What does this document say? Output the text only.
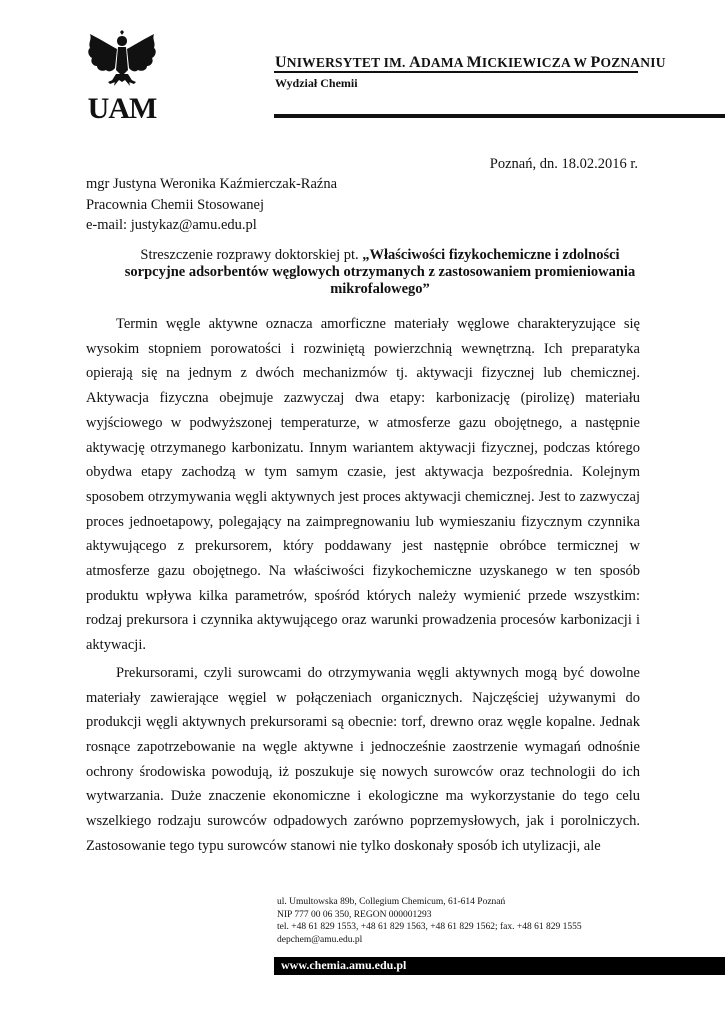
UAM
UNIWERSYTET IM. ADAMA MICKIEWICZA W POZNANIU
Wydział Chemii
Poznań, dn. 18.02.2016 r.
mgr Justyna Weronika Kaźmierczak-Raźna
Pracownia Chemii Stosowanej
e-mail: justykaz@amu.edu.pl
Streszczenie rozprawy doktorskiej pt. „Właściwości fizykochemiczne i zdolności sorpcyjne adsorbentów węglowych otrzymanych z zastosowaniem promieniowania mikrofalowego”

Termin węgle aktywne oznacza amorficzne materiały węglowe charakteryzujące się wysokim stopniem porowatości i rozwiniętą powierzchnią wewnętrzną. Ich preparatyka opierają się na jednym z dwóch mechanizmów tj. aktywacji fizycznej lub chemicznej. Aktywacja fizyczna obejmuje zazwyczaj dwa etapy: karbonizację (pirolizę) materiału wyjściowego w podwyższonej temperaturze, w atmosferze gazu obojętnego, a następnie aktywację otrzymanego karbonizatu. Innym wariantem aktywacji fizycznej, podczas którego obydwa etapy zachodzą w tym samym czasie, jest aktywacja bezpośrednia. Kolejnym sposobem otrzymywania węgli aktywnych jest proces aktywacji chemicznej. Jest to zazwyczaj proces jednoetapowy, polegający na zaimpregnowaniu lub wymieszaniu fizycznym czynnika aktywującego z prekursorem, który poddawany jest następnie obróbce termicznej w atmosferze gazu obojętnego. Na właściwości fizykochemiczne uzyskanego w ten sposób produktu wpływa kilka parametrów, spośród których należy wymienić przede wszystkim: rodzaj prekursora i czynnika aktywującego oraz warunki prowadzenia procesów karbonizacji i aktywacji.

Prekursorami, czyli surowcami do otrzymywania węgli aktywnych mogą być dowolne materiały zawierające węgiel w połączeniach organicznych. Najczęściej używanymi do produkcji węgli aktywnych prekursorami są obecnie: torf, drewno oraz węgle kopalne. Jednak rosnące zapotrzebowanie na węgle aktywne i jednocześnie zaostrzenie wymagań odnośnie ochrony środowiska powodują, iż poszukuje się nowych surowców oraz technologii do ich wytwarzania. Duże znaczenie ekonomiczne i ekologiczne ma wykorzystanie do tego celu wszelkiego rodzaju surowców odpadowych zarówno poprzemysłowych, jak i porolniczych. Zastosowanie tego typu surowców stanowi nie tylko doskonały sposób ich utylizacji, ale

ul. Umultowska 89b, Collegium Chemicum, 61-614 Poznań
NIP 777 00 06 350, REGON 000001293
tel. +48 61 829 1553, +48 61 829 1563, +48 61 829 1562; fax. +48 61 829 1555
depchem@amu.edu.pl
www.chemia.amu.edu.pl
